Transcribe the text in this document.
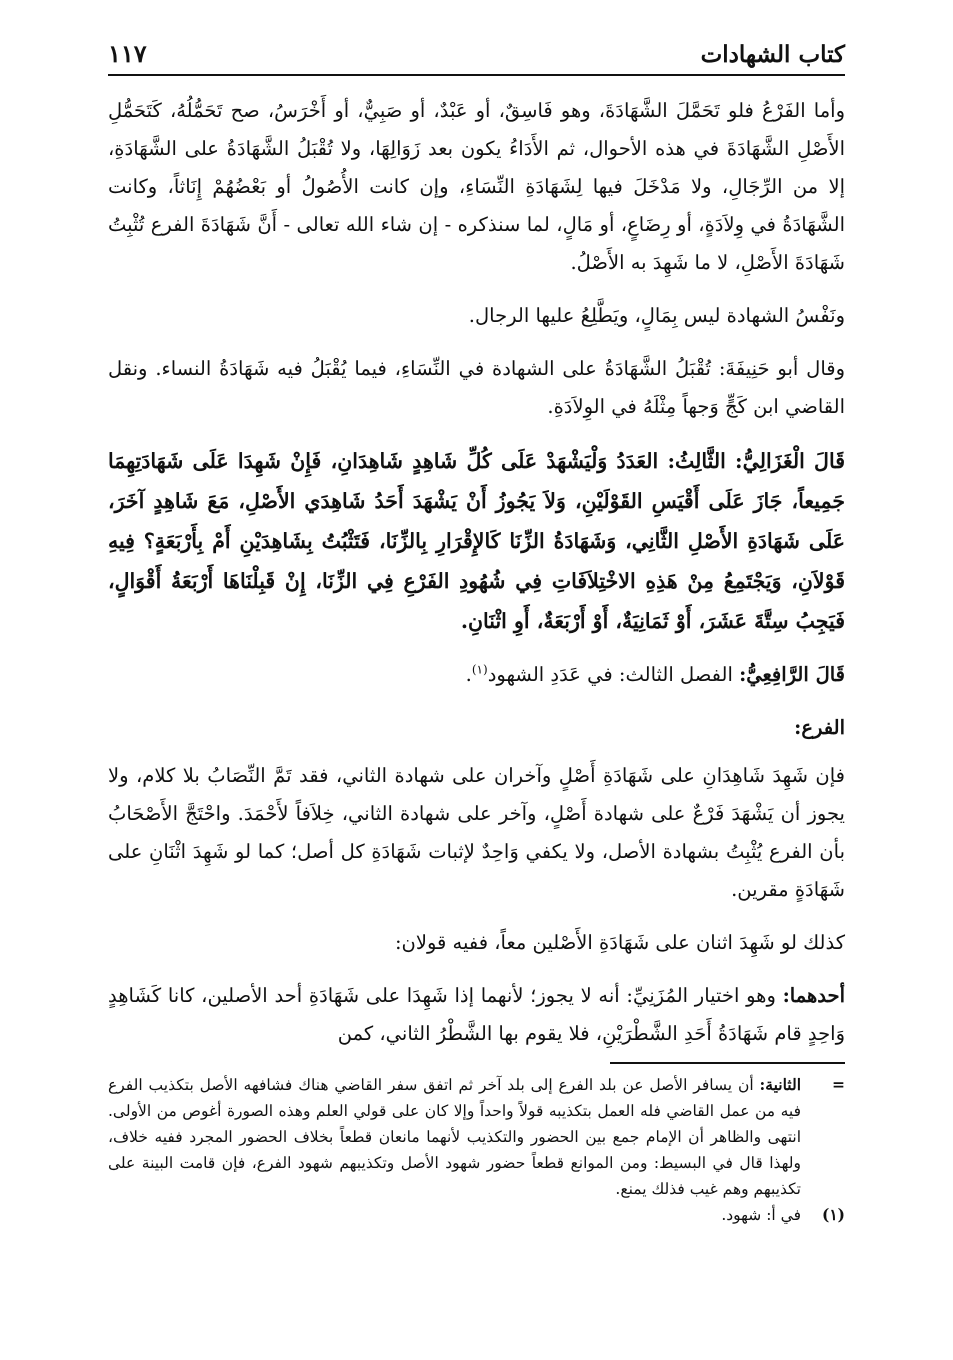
كتاب الشهادات
١١٧

وأما الفَرْعُ فلو تَحَمَّلَ الشَّهَادَةَ، وهو فَاسِقٌ، أو عَبْدٌ، أو صَبِيٌّ، أو أَخْرَسُ، صح تَحَمُّلُهُ، كَتَحَمُّلِ الأَصْلِ الشَّهَادَةَ في هذه الأحوال، ثم الأَدَاءُ يكون بعد زَوَالِهَا، ولا تُقْبَلُ الشَّهَادَةُ على الشَّهَادَةِ، إلا من الرِّجَالِ، ولا مَدْخَلَ فيها لِشَهَادَةِ النِّسَاءِ، وإن كانت الأُصُولُ أو بَعْضُهُمْ إِنَاثاً، وكانت الشَّهَادَةُ في وِلاَدَةٍ، أو رِضَاعٍ، أو مَالٍ، لما سنذكره - إن شاء الله تعالى - أَنَّ شَهَادَةَ الفرع تُثْبِتُ شَهَادَةَ الأَصْلِ، لا ما شَهِدَ به الأَصْلُ.

ونَفْسُ الشهادة ليس بِمَالٍ، ويَطَّلِعُ عليها الرجال.

وقال أبو حَنِيفَةَ: تُقْبَلُ الشَّهَادَةُ على الشهادة في النِّسَاءِ، فيما يُقْبَلُ فيه شَهَادَةُ النساء. ونقل القاضي ابن كَجٍّ وَجهاً مِثْلَهُ في الوِلاَدَةِ.

قَالَ الْغَزَالِيُّ: الثَّالِثُ: العَدَدُ وَلْيَشْهَدْ عَلَى كُلِّ شَاهِدٍ شَاهِدَانِ، فَإِنْ شَهِدَا عَلَى شَهَادَتِهِمَا جَمِيعاً، جَازَ عَلَى أَقْيَسِ القَوْلَيْنِ، وَلاَ يَجُوزُ أَنْ يَشْهَدَ أَحَدُ شَاهِدَي الأَصْلِ، مَعَ شَاهِدٍ آخَرَ، عَلَى شَهَادَةِ الأَصْلِ الثَّانِي، وَشَهَادَةُ الزِّنَا كَالإِقْرَارِ بِالزِّنَا، فَتَثْبُتُ بِشَاهِدَيْنِ أَمْ بِأَرْبَعَةٍ؟ فِيهِ قَوْلاَنِ، وَيَجْتَمِعُ مِنْ هَذِهِ الاخْتِلاَفَاتِ فِي شُهُودِ الفَرْعِ فِي الزِّنَا، إِنْ قَبِلْنَاهَا أَرْبَعَةُ أَقْوَالٍ، فَيَجِبُ سِتَّةَ عَشَرَ، أَوْ ثَمَانِيَةٌ، أَوْ أَرْبَعَةٌ، أَوِ اثْنَانِ.

قَالَ الرَّافِعِيُّ: الفصل الثالث: في عَدَدِ الشهود$^{(١)}$.

الفرع:

فإن شَهِدَ شَاهِدَانِ على شَهَادَةِ أَصْلٍ وآخران على شهادة الثاني، فقد تَمَّ النِّصَابُ بلا كلام، ولا يجوز أن يَشْهَدَ فَرْعٌ على شهادة أَصْلٍ، وآخر على شهادة الثاني، خِلاَفاً لأَحْمَدَ. واحْتَجَّ الأَصْحَابُ بأن الفرع يُثْبِتُ بشهادة الأصل، ولا يكفي وَاحِدٌ لإثبات شَهَادَةِ كل أصل؛ كما لو شَهِدَ اثْنَانِ على شَهَادَةٍ مقرين.

كذلك لو شَهِدَ اثنان على شَهَادَةِ الأَصْلين معاً، ففيه قولان:

أحدهما: وهو اختيار المُزَنِيِّ: أنه لا يجوز؛ لأنهما إذا شَهِدَا على شَهَادَةِ أحد الأصلين، كانا كَشَاهِدٍ وَاحِدٍ قام شَهَادَةُ أَحَدِ الشَّطْرَيْنِ، فلا يقوم بها الشَّطْرُ الثاني، كمن

=
الثانية: أن يسافر الأصل عن بلد الفرع إلى بلد آخر ثم اتفق سفر القاضي هناك فشافهه الأصل بتكذيب الفرع فيه من عمل القاضي فله العمل بتكذيبه قولاً واحداً وإلا كان على قولي العلم وهذه الصورة أغوص من الأولى. انتهى والظاهر أن الإمام جمع بين الحضور والتكذيب لأنهما مانعان قطعاً بخلاف الحضور المجرد ففيه خلاف، ولهذا قال في البسيط: ومن الموانع قطعاً حضور شهود الأصل وتكذيبهم شهود الفرع، فإن قامت البينة على تكذيبهم وهم غيب فذلك يمنع.
(١)
في أ: شهود.
